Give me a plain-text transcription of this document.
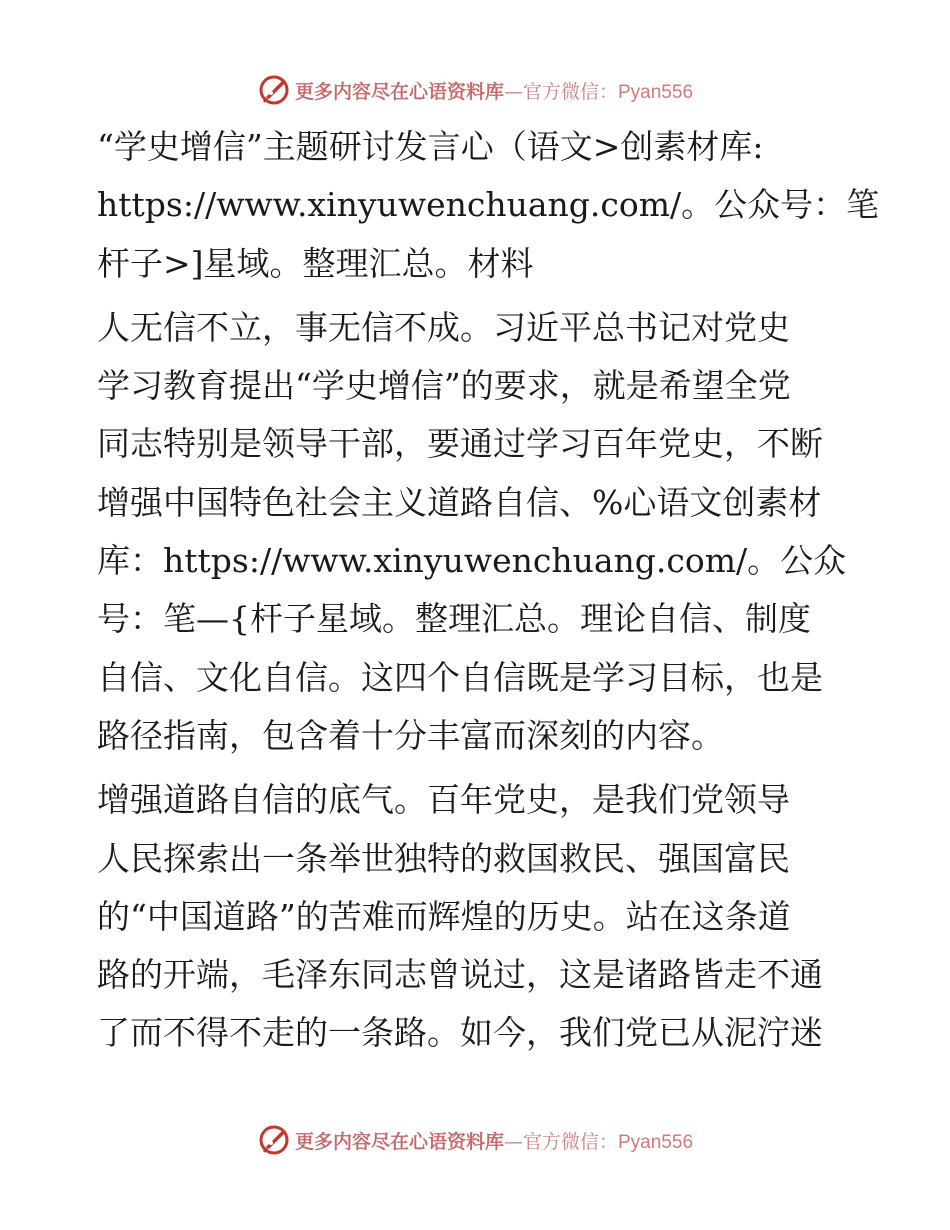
更多内容尽在心语资料库—官方微信：Pyan556
“学史增信”主题研讨发言心（语文>创素材库:
https://www.xinyuwenchuang.com/。公众号：笔
杆子>]星域。整理汇总。材料
人无信不立，事无信不成。习近平总书记对党史
学习教育提出“学史增信”的要求，就是希望全党
同志特别是领导干部，要通过学习百年党史，不断
增强中国特色社会主义道路自信、%心语文创素材
库：https://www.xinyuwenchuang.com/。公众
号：笔—{杆子星域。整理汇总。理论自信、制度
自信、文化自信。这四个自信既是学习目标，也是
路径指南，包含着十分丰富而深刻的内容。
增强道路自信的底气。百年党史，是我们党领导
人民探索出一条举世独特的救国救民、强国富民
的“中国道路”的苦难而辉煌的历史。站在这条道
路的开端，毛泽东同志曾说过，这是诸路皆走不通
了而不得不走的一条路。如今，我们党已从泥泞迷
更多内容尽在心语资料库—官方微信：Pyan556
